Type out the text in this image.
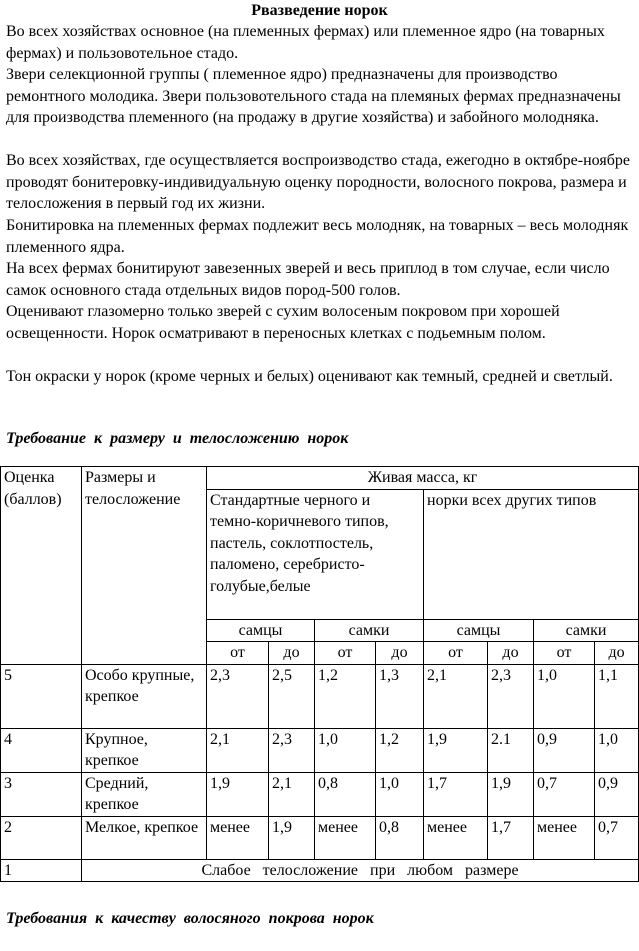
Рвазведение норок

Во всех хозяйствах основное (на племенных фермах) или племенное ядро (на товарных фермах) и пользовотельное стадо.

Звери селекционной группы ( племенное ядро) предназначены для производство ремонтного молодика. Звери пользовотельного стада на племяных фермах предназначены для производства племенного (на продажу в другие хозяйства) и забойного молодняка.

Во всех хозяйствах, где осуществляется воспроизводство стада, ежегодно в октябре-ноябре проводят бонитеровку-индивидуальную оценку породности, волосного покрова, размера и телосложения в первый год их жизни.

Бонитировка на племенных фермах подлежит весь молодняк, на товарных – весь молодняк племенного ядра.

На всех фермах бонитируют завезенных зверей и весь приплод в том случае, если число самок основного стада отдельных видов пород-500 голов.

Оценивают глазомерно только зверей с сухим волосеным покровом при хорошей освещенности. Норок осматривают в переносных клетках с подьемным полом.

Тон окраски у норок (кроме черных и белых) оценивают как темный, средней и светлый.

Требование к размеру и телосложению норок
Оценка (баллов)	Размеры и телосложение	Живая масса, кг							
		Стандартные черного и темно-коричневого типов, пастель, соклотпостель, паломено, серебристо-голубые,белые				норки всех других типов			
		самцы		самки		самцы		самки	
		от	до	от	до	от	до	от	до
5	Особо крупные, крепкое	2,3	2,5	1,2	1,3	2,1	2,3	1,0	1,1
4	Крупное, крепкое	2,1	2,3	1,0	1,2	1,9	2.1	0,9	1,0
3	Средний, крепкое	1,9	2,1	0,8	1,0	1,7	1,9	0,7	0,9
2	Мелкое, крепкое	менее	1,9	менее	0,8	менее	1,7	менее	0,7
1	Слабое телосложение при любом размере								
Требования к качеству волосяного покрова норок
